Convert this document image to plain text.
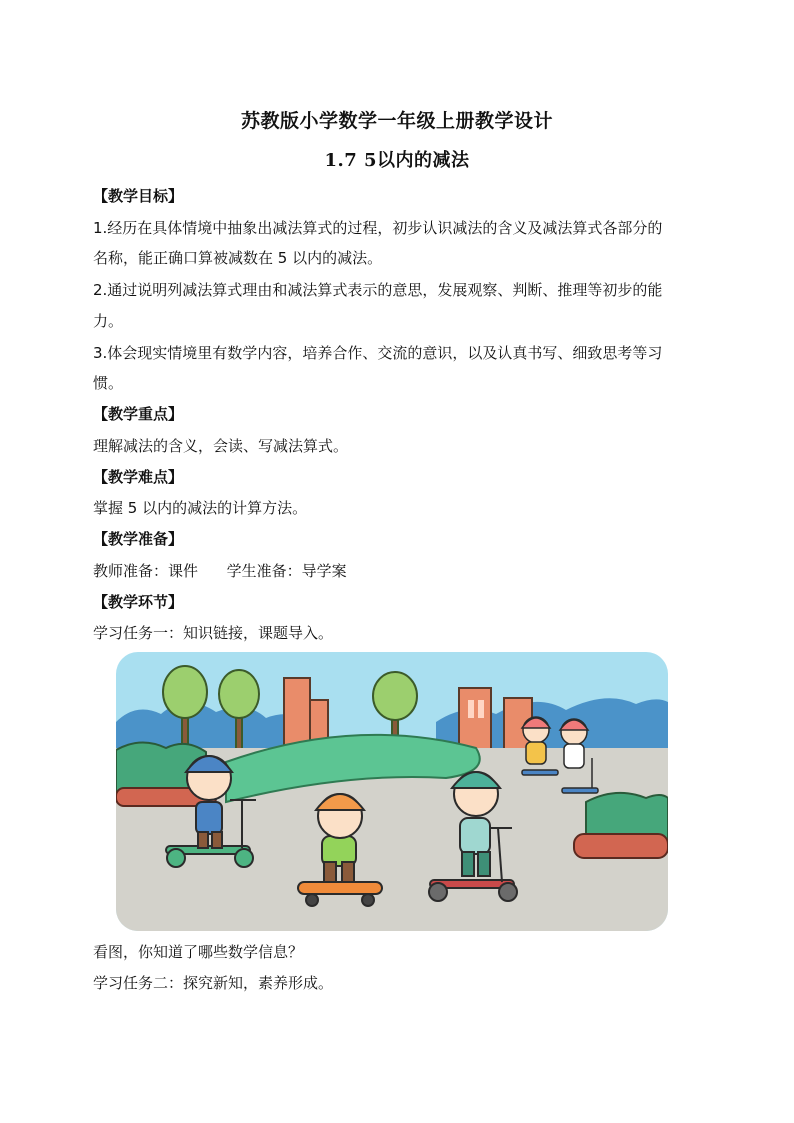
苏教版小学数学一年级上册教学设计
1.7 5以内的减法
【教学目标】
1.经历在具体情境中抽象出减法算式的过程，初步认识减法的含义及减法算式各部分的
名称，能正确口算被减数在 5 以内的减法。
2.通过说明列减法算式理由和减法算式表示的意思，发展观察、判断、推理等初步的能
力。
3.体会现实情境里有数学内容，培养合作、交流的意识，以及认真书写、细致思考等习
惯。
【教学重点】
理解减法的含义，会读、写减法算式。
【教学难点】
掌握 5 以内的减法的计算方法。
【教学准备】
教师准备：课件      学生准备：导学案
【教学环节】
学习任务一：知识链接，课题导入。
看图，你知道了哪些数学信息？
学习任务二：探究新知，素养形成。
